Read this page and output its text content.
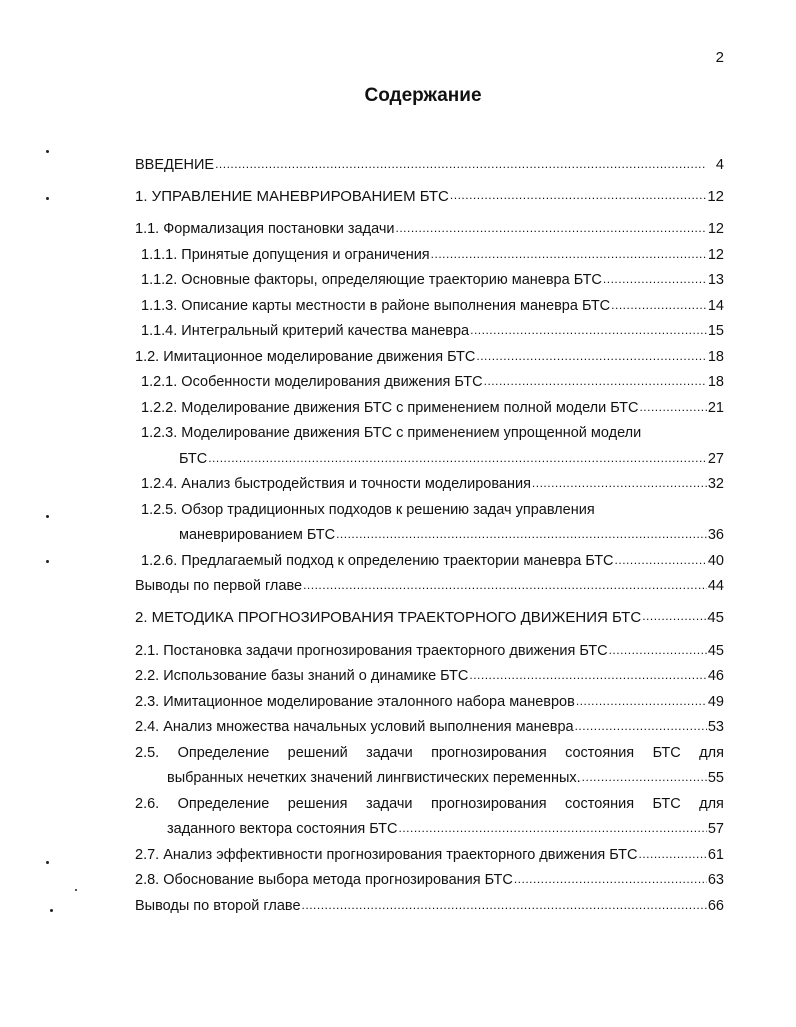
2
Содержание
ВВЕДЕНИЕ .....	4
1. УПРАВЛЕНИЕ МАНЕВРИРОВАНИЕМ БТС .....	12
1.1. Формализация постановки задачи .....	12
1.1.1. Принятые допущения и ограничения .....	12
1.1.2. Основные факторы, определяющие траекторию маневра БТС .....	13
1.1.3. Описание карты местности в районе выполнения маневра БТС .....	14
1.1.4. Интегральный критерий качества маневра .....	15
1.2. Имитационное моделирование движения БТС .....	18
1.2.1. Особенности моделирования движения БТС .....	18
1.2.2. Моделирование движения БТС с применением полной модели БТС .....	21
1.2.3. Моделирование движения БТС с применением упрощенной модели
БТС .....	27
1.2.4. Анализ быстродействия и точности моделирования .....	32
1.2.5. Обзор традиционных подходов к решению задач управления
маневрированием БТС .....	36
1.2.6. Предлагаемый подход к определению траектории маневра БТС .....	40
Выводы по первой главе .....	44
2. МЕТОДИКА ПРОГНОЗИРОВАНИЯ ТРАЕКТОРНОГО ДВИЖЕНИЯ БТС .....	45
2.1. Постановка задачи прогнозирования траекторного движения БТС .....	45
2.2. Использование базы знаний о динамике БТС .....	46
2.3. Имитационное моделирование эталонного набора маневров .....	49
2.4. Анализ множества начальных условий выполнения маневра .....	53
2.5. Определение решений задачи прогнозирования состояния БТС для
выбранных нечетких значений лингвистических переменных. .....	55
2.6. Определение решения задачи прогнозирования состояния БТС для
заданного вектора состояния БТС .....	57
2.7. Анализ эффективности прогнозирования траекторного движения БТС .....	61
2.8. Обоснование выбора метода прогнозирования БТС .....	63
Выводы по второй главе .....	66
